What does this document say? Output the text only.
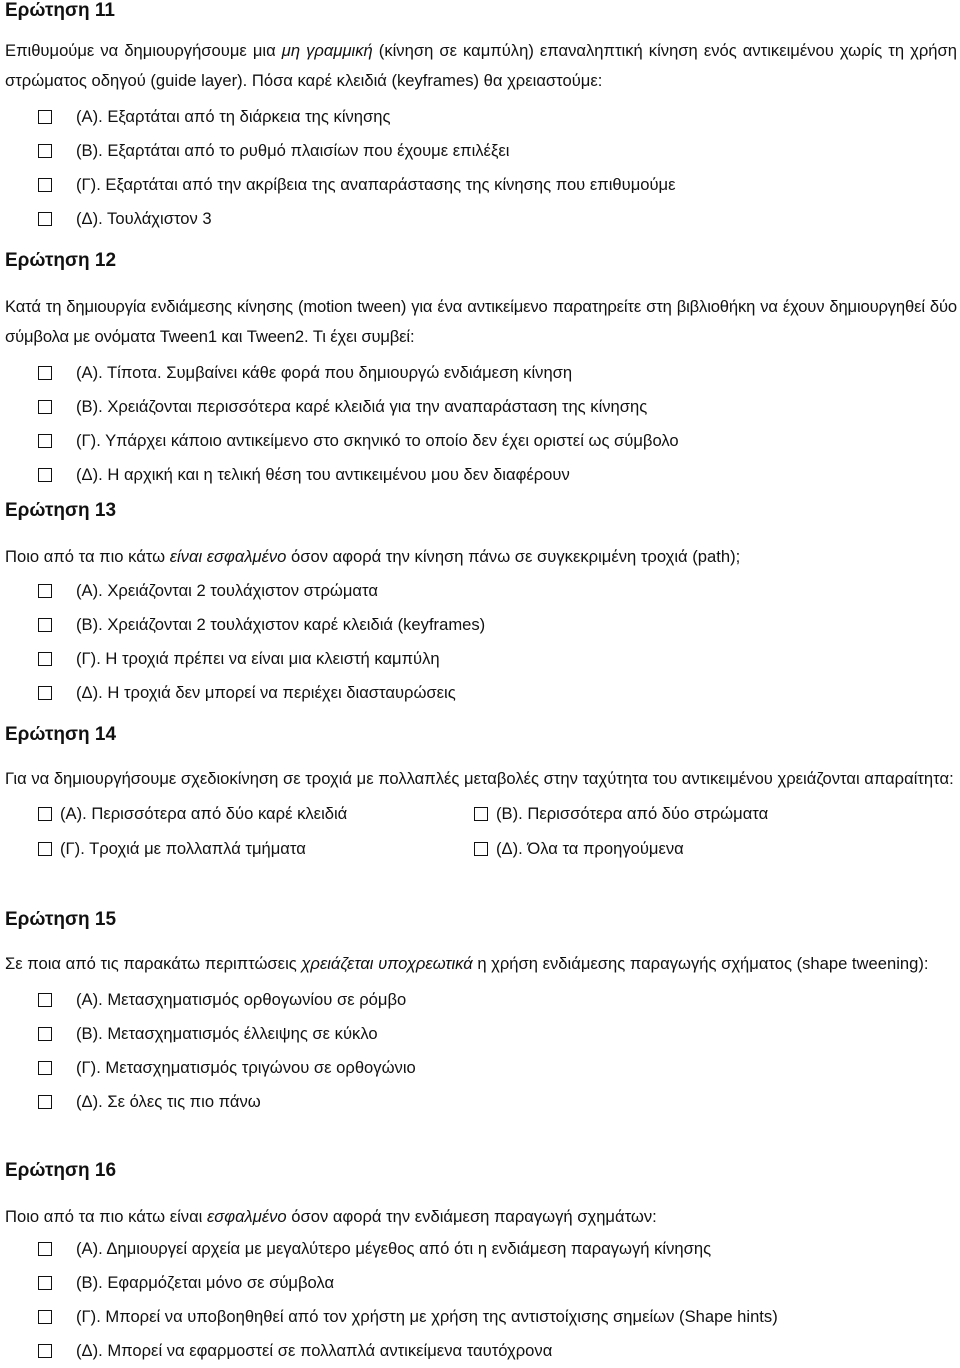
Ερώτηση 11

Επιθυμούμε να δημιουργήσουμε μια μη γραμμική (κίνηση σε καμπύλη) επαναληπτική κίνηση ενός αντικειμένου χωρίς τη χρήση στρώματος οδηγού (guide layer). Πόσα καρέ κλειδιά (keyframes) θα χρειαστούμε:

(Α). Εξαρτάται από τη διάρκεια της κίνησης
(Β). Εξαρτάται από το ρυθμό πλαισίων που έχουμε επιλέξει
(Γ). Εξαρτάται από την ακρίβεια της αναπαράστασης της κίνησης που επιθυμούμε
(Δ). Τουλάχιστον 3
Ερώτηση 12

Κατά τη δημιουργία ενδιάμεσης κίνησης (motion tween) για ένα αντικείμενο παρατηρείτε στη βιβλιοθήκη να έχουν δημιουργηθεί δύο σύμβολα με ονόματα Tween1 και Tween2. Τι έχει συμβεί:

(Α). Τίποτα. Συμβαίνει κάθε φορά που δημιουργώ ενδιάμεση κίνηση
(Β). Χρειάζονται περισσότερα καρέ κλειδιά για την αναπαράσταση της κίνησης
(Γ). Υπάρχει κάποιο αντικείμενο στο σκηνικό το οποίο δεν έχει οριστεί ως σύμβολο
(Δ). Η αρχική και η τελική θέση του αντικειμένου μου δεν διαφέρουν
Ερώτηση 13

Ποιο από τα πιο κάτω είναι εσφαλμένο όσον αφορά την κίνηση πάνω σε συγκεκριμένη τροχιά (path);

(Α). Χρειάζονται 2 τουλάχιστον στρώματα
(Β). Χρειάζονται 2 τουλάχιστον καρέ κλειδιά (keyframes)
(Γ). Η τροχιά πρέπει να είναι μια κλειστή καμπύλη
(Δ). Η τροχιά δεν μπορεί να περιέχει διασταυρώσεις
Ερώτηση 14

Για να δημιουργήσουμε σχεδιοκίνηση σε τροχιά με πολλαπλές μεταβολές στην ταχύτητα του αντικειμένου χρειάζονται απαραίτητα:

(Α). Περισσότερα από δύο καρέ κλειδιά	(Β). Περισσότερα από δύο στρώματα
(Γ). Τροχιά με πολλαπλά τμήματα	(Δ). Όλα τα προηγούμενα
Ερώτηση 15

Σε ποια από τις παρακάτω περιπτώσεις χρειάζεται υποχρεωτικά η χρήση ενδιάμεσης παραγωγής σχήματος (shape tweening):

(Α). Μετασχηματισμός ορθογωνίου σε ρόμβο
(Β). Μετασχηματισμός έλλειψης σε κύκλο
(Γ). Μετασχηματισμός τριγώνου σε ορθογώνιο
(Δ). Σε όλες τις πιο πάνω
Ερώτηση 16

Ποιο από τα πιο κάτω είναι εσφαλμένο όσον αφορά την ενδιάμεση παραγωγή σχημάτων:

(Α). Δημιουργεί αρχεία με μεγαλύτερο μέγεθος από ότι η ενδιάμεση παραγωγή κίνησης
(Β). Εφαρμόζεται μόνο σε σύμβολα
(Γ). Μπορεί να υποβοηθηθεί από τον χρήστη με χρήση της αντιστοίχισης σημείων (Shape hints)
(Δ). Μπορεί να εφαρμοστεί σε πολλαπλά αντικείμενα ταυτόχρονα
